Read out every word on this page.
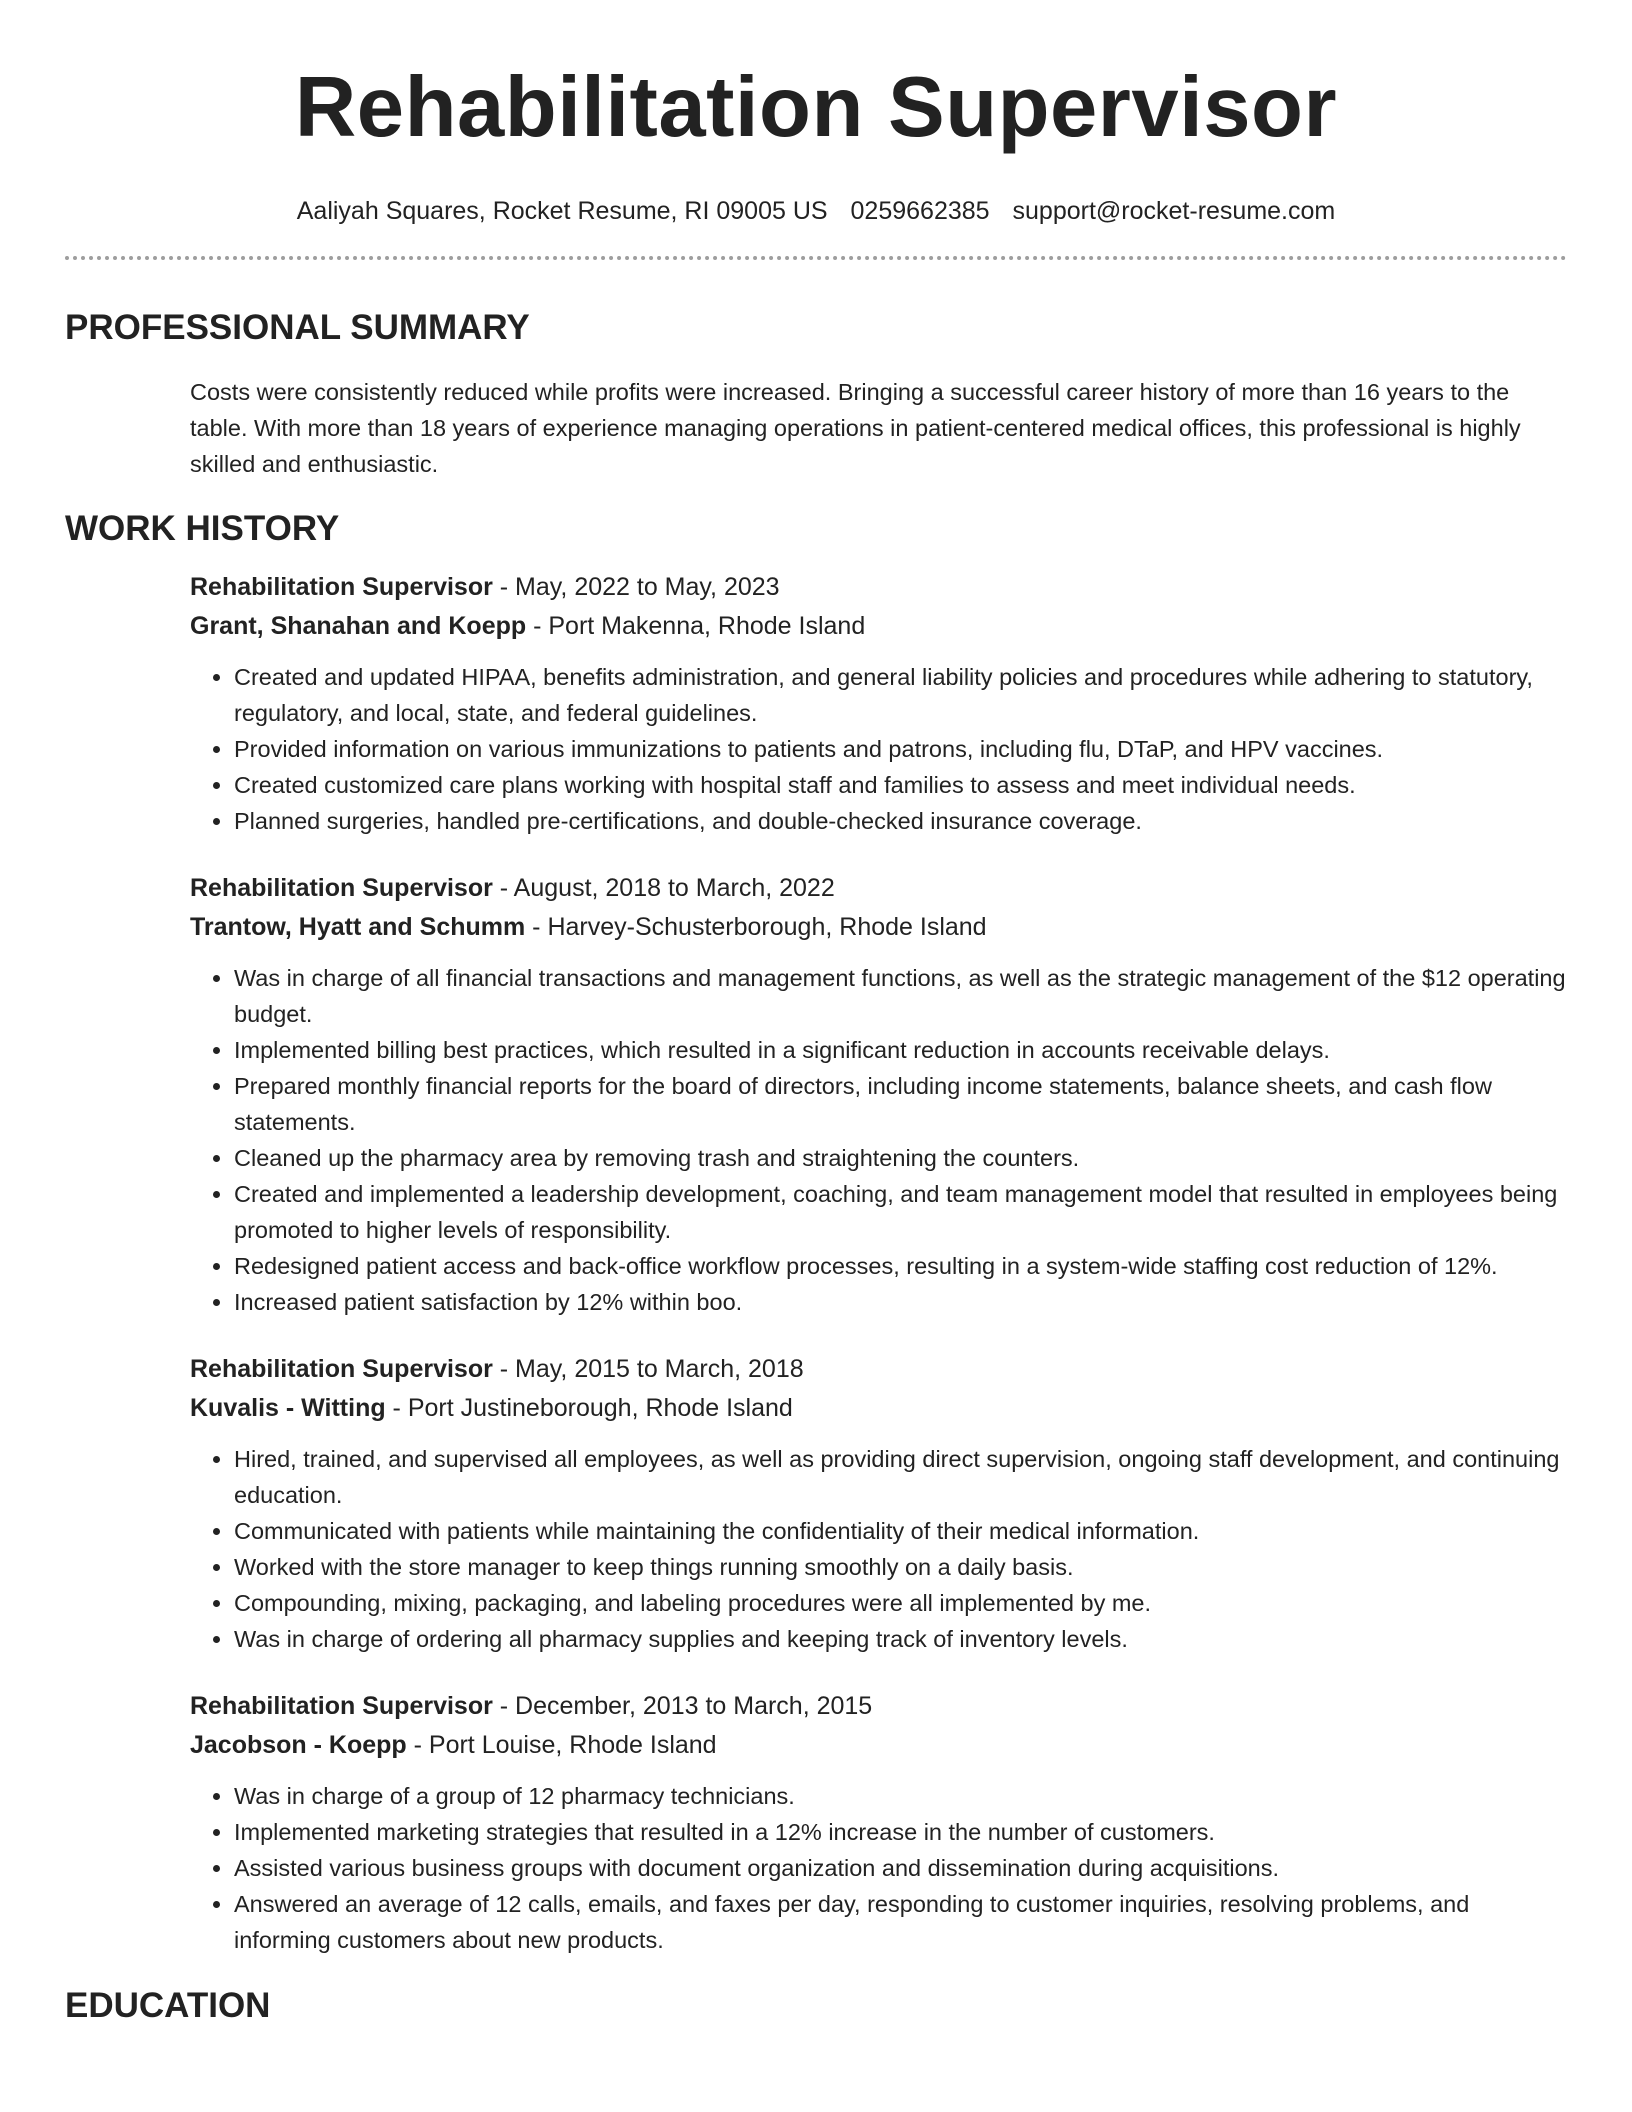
Rehabilitation Supervisor
Aaliyah Squares, Rocket Resume, RI 09005 US 0259662385 support@rocket-resume.com
PROFESSIONAL SUMMARY

Costs were consistently reduced while profits were increased. Bringing a successful career history of more than 16 years to the table. With more than 18 years of experience managing operations in patient-centered medical offices, this professional is highly skilled and enthusiastic.

WORK HISTORY
Rehabilitation Supervisor - May, 2022 to May, 2023
Grant, Shanahan and Koepp - Port Makenna, Rhode Island
• Created and updated HIPAA, benefits administration, and general liability policies and procedures while adhering to statutory, regulatory, and local, state, and federal guidelines.
• Provided information on various immunizations to patients and patrons, including flu, DTaP, and HPV vaccines.
• Created customized care plans working with hospital staff and families to assess and meet individual needs.
• Planned surgeries, handled pre-certifications, and double-checked insurance coverage.
Rehabilitation Supervisor - August, 2018 to March, 2022
Trantow, Hyatt and Schumm - Harvey-Schusterborough, Rhode Island
• Was in charge of all financial transactions and management functions, as well as the strategic management of the $12 operating budget.
• Implemented billing best practices, which resulted in a significant reduction in accounts receivable delays.
• Prepared monthly financial reports for the board of directors, including income statements, balance sheets, and cash flow statements.
• Cleaned up the pharmacy area by removing trash and straightening the counters.
• Created and implemented a leadership development, coaching, and team management model that resulted in employees being promoted to higher levels of responsibility.
• Redesigned patient access and back-office workflow processes, resulting in a system-wide staffing cost reduction of 12%.
• Increased patient satisfaction by 12% within boo.
Rehabilitation Supervisor - May, 2015 to March, 2018
Kuvalis - Witting - Port Justineborough, Rhode Island
• Hired, trained, and supervised all employees, as well as providing direct supervision, ongoing staff development, and continuing education.
• Communicated with patients while maintaining the confidentiality of their medical information.
• Worked with the store manager to keep things running smoothly on a daily basis.
• Compounding, mixing, packaging, and labeling procedures were all implemented by me.
• Was in charge of ordering all pharmacy supplies and keeping track of inventory levels.
Rehabilitation Supervisor - December, 2013 to March, 2015
Jacobson - Koepp - Port Louise, Rhode Island
• Was in charge of a group of 12 pharmacy technicians.
• Implemented marketing strategies that resulted in a 12% increase in the number of customers.
• Assisted various business groups with document organization and dissemination during acquisitions.
• Answered an average of 12 calls, emails, and faxes per day, responding to customer inquiries, resolving problems, and informing customers about new products.
EDUCATION
